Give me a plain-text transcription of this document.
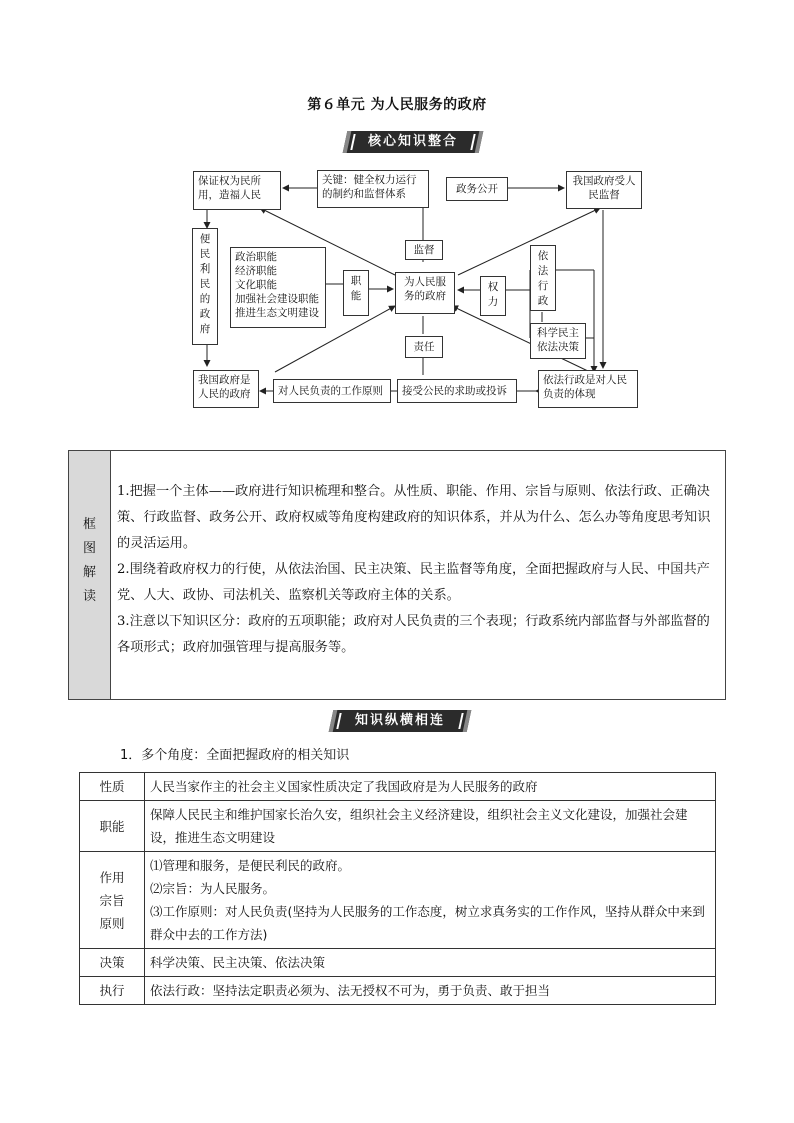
第６单元 为人民服务的政府
核心知识整合
保证权为民所用，造福人民
关键：健全权力运行的制约和监督体系	政务公开
我国政府受人民监督
便民利民的政府
政治职能
经济职能
文化职能
加强社会建设职能
推进生态文明建设
职能
监督
为人民服务的政府
责任
权力
依法行政
科学民主依法决策
我国政府是人民的政府	对人民负责的工作原则	接受公民的求助或投诉
依法行政是对人民负责的体现
框图解读

1.把握一个主体——政府进行知识梳理和整合。从性质、职能、作用、宗旨与原则、依法行政、正确决策、行政监督、政务公开、政府权威等角度构建政府的知识体系，并从为什么、怎么办等角度思考知识的灵活运用。

2.围绕着政府权力的行使，从依法治国、民主决策、民主监督等角度，全面把握政府与人民、中国共产党、人大、政协、司法机关、监察机关等政府主体的关系。

3.注意以下知识区分：政府的五项职能；政府对人民负责的三个表现；行政系统内部监督与外部监督的各项形式；政府加强管理与提高服务等。

知识纵横相连
1．多个角度：全面把握政府的相关知识
性质	人民当家作主的社会主义国家性质决定了我国政府是为人民服务的政府
职能	保障人民民主和维护国家长治久安，组织社会主义经济建设，组织社会主义文化建设，加强社会建设，推进生态文明建设

作用宗旨原则	⑴管理和服务，是便民利民的政府。
⑵宗旨：为人民服务。
⑶工作原则：对人民负责(坚持为人民服务的工作态度，树立求真务实的工作作风，坚持从群众中来到群众中去的工作方法)

决策	科学决策、民主决策、依法决策
执行	依法行政：坚持法定职责必须为、法无授权不可为，勇于负责、敢于担当
